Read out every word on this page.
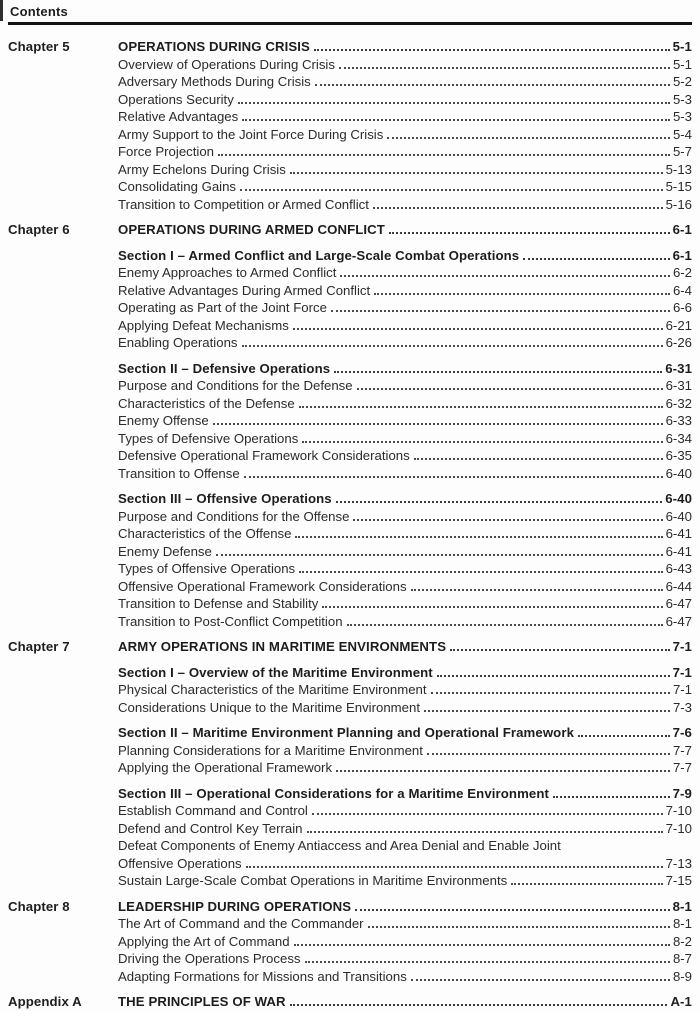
Contents
Chapter 5	OPERATIONS DURING CRISIS	5-1
Overview of Operations During Crisis	5-1
Adversary Methods During Crisis	5-2
Operations Security	5-3
Relative Advantages	5-3
Army Support to the Joint Force During Crisis	5-4
Force Projection	5-7
Army Echelons During Crisis	5-13
Consolidating Gains	5-15
Transition to Competition or Armed Conflict	5-16
Chapter 6	OPERATIONS DURING ARMED CONFLICT	6-1
Section I – Armed Conflict and Large-Scale Combat Operations	6-1
Enemy Approaches to Armed Conflict	6-2
Relative Advantages During Armed Conflict	6-4
Operating as Part of the Joint Force	6-6
Applying Defeat Mechanisms	6-21
Enabling Operations	6-26
Section II – Defensive Operations	6-31
Purpose and Conditions for the Defense	6-31
Characteristics of the Defense	6-32
Enemy Offense	6-33
Types of Defensive Operations	6-34
Defensive Operational Framework Considerations	6-35
Transition to Offense	6-40
Section III – Offensive Operations	6-40
Purpose and Conditions for the Offense	6-40
Characteristics of the Offense	6-41
Enemy Defense	6-41
Types of Offensive Operations	6-43
Offensive Operational Framework Considerations	6-44
Transition to Defense and Stability	6-47
Transition to Post-Conflict Competition	6-47
Chapter 7	ARMY OPERATIONS IN MARITIME ENVIRONMENTS	7-1
Section I – Overview of the Maritime Environment	7-1
Physical Characteristics of the Maritime Environment	7-1
Considerations Unique to the Maritime Environment	7-3
Section II – Maritime Environment Planning and Operational Framework	7-6
Planning Considerations for a Maritime Environment	7-7
Applying the Operational Framework	7-7
Section III – Operational Considerations for a Maritime Environment	7-9
Establish Command and Control	7-10
Defend and Control Key Terrain	7-10
Defeat Components of Enemy Antiaccess and Area Denial and Enable Joint
Offensive Operations	7-13
Sustain Large-Scale Combat Operations in Maritime Environments	7-15
Chapter 8	LEADERSHIP DURING OPERATIONS	8-1
The Art of Command and the Commander	8-1
Applying the Art of Command	8-2
Driving the Operations Process	8-7
Adapting Formations for Missions and Transitions	8-9
Appendix A	THE PRINCIPLES OF WAR	A-1
